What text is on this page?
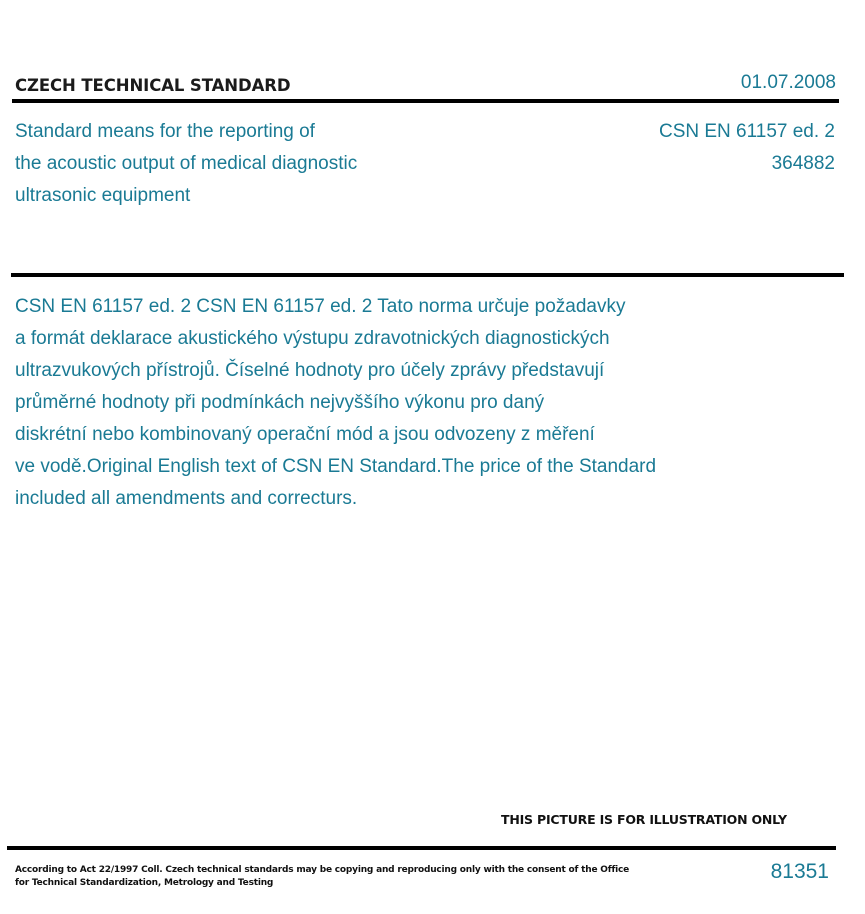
CZECH TECHNICAL STANDARD	01.07.2008
Standard means for the reporting of
the acoustic output of medical diagnostic
ultrasonic equipment
CSN EN 61157 ed. 2
364882
CSN EN 61157 ed. 2 CSN EN 61157 ed. 2 Tato norma určuje požadavky
a formát deklarace akustického výstupu zdravotnických diagnostických
ultrazvukových přístrojů. Číselné hodnoty pro účely zprávy představují
průměrné hodnoty při podmínkách nejvyššího výkonu pro daný
diskrétní nebo kombinovaný operační mód a jsou odvozeny z měření
ve vodě.Original English text of CSN EN Standard.The price of the Standard
included all amendments and correcturs.
THIS PICTURE IS FOR ILLUSTRATION ONLY
According to Act 22/1997 Coll. Czech technical standards may be copying and reproducing only with the consent of the Office
for Technical Standardization, Metrology and Testing	81351
